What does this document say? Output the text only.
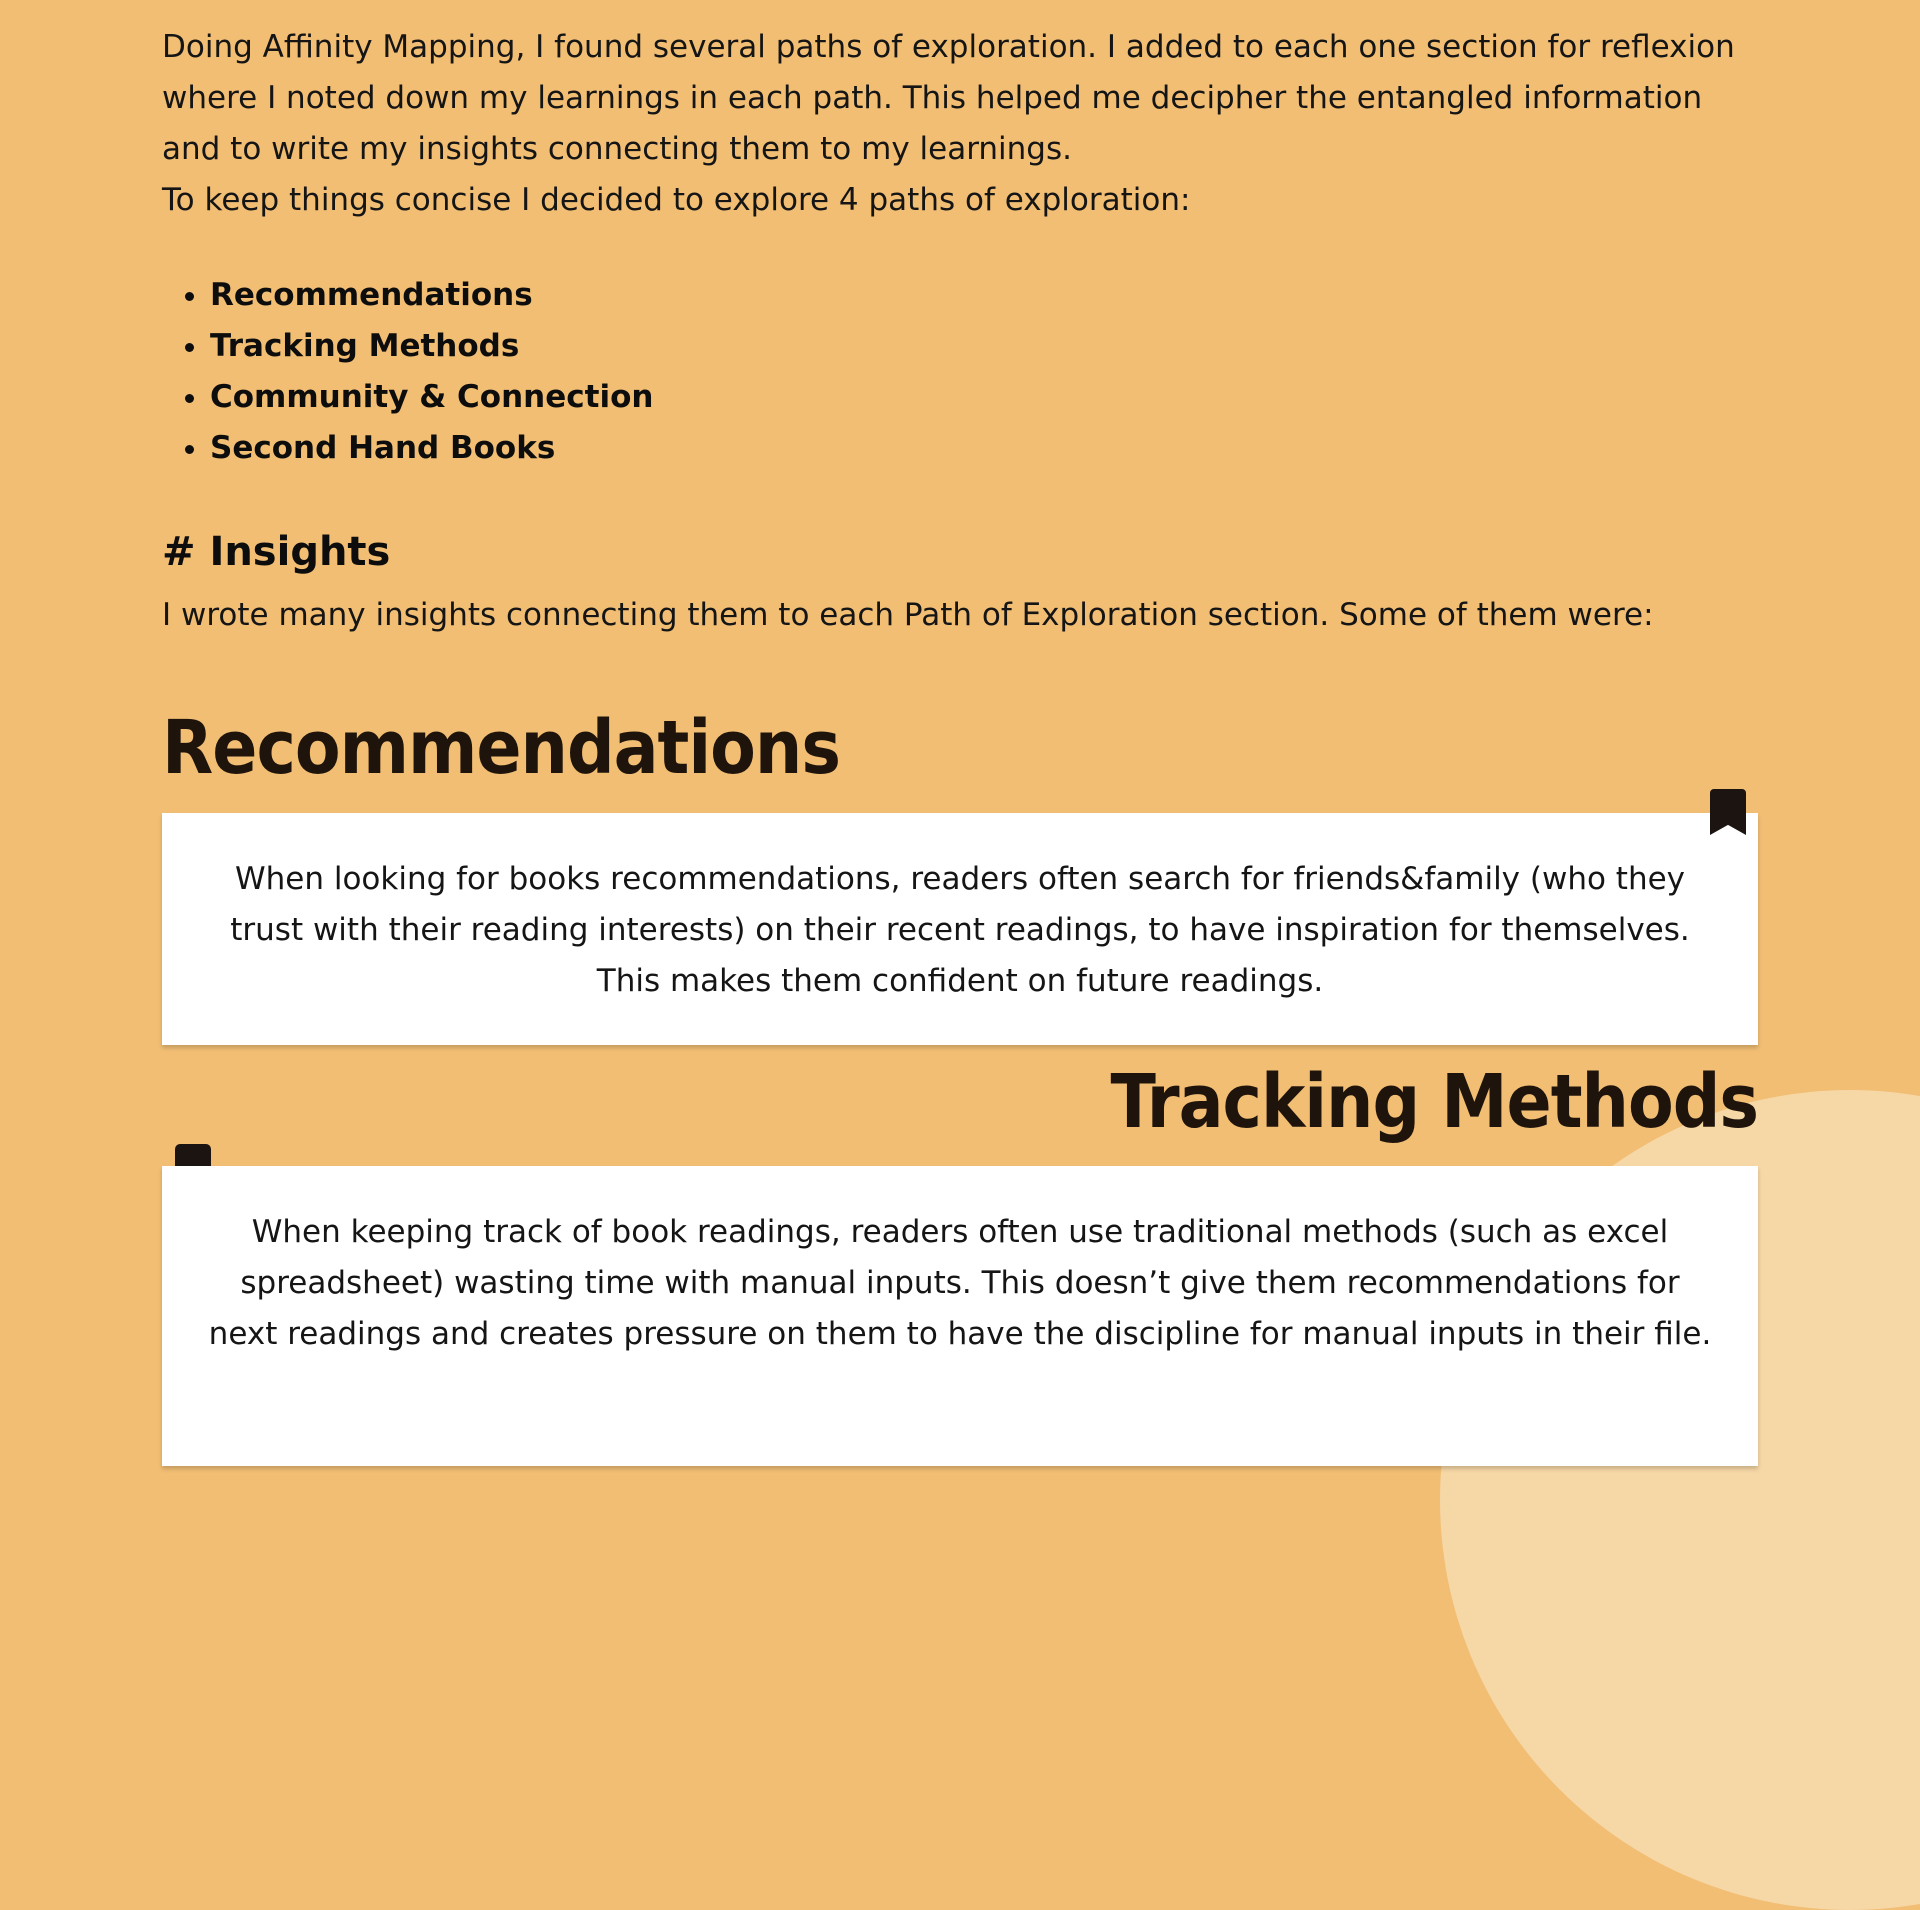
Doing Affinity Mapping, I found several paths of exploration. I added to each one section for reflexion where I noted down my learnings in each path. This helped me decipher the entangled information and to write my insights connecting them to my learnings.

To keep things concise I decided to explore 4 paths of exploration:

• Recommendations
• Tracking Methods
• Community & Connection
• Second Hand Books
# Insights

I wrote many insights connecting them to each Path of Exploration section. Some of them were:

Recommendations

When looking for books recommendations, readers often search for friends&family (who they trust with their reading interests) on their recent readings, to have inspiration for themselves. This makes them confident on future readings.

Tracking Methods

When keeping track of book readings, readers often use traditional methods (such as excel spreadsheet) wasting time with manual inputs. This doesn’t give them recommendations for next readings and creates pressure on them to have the discipline for manual inputs in their file.
